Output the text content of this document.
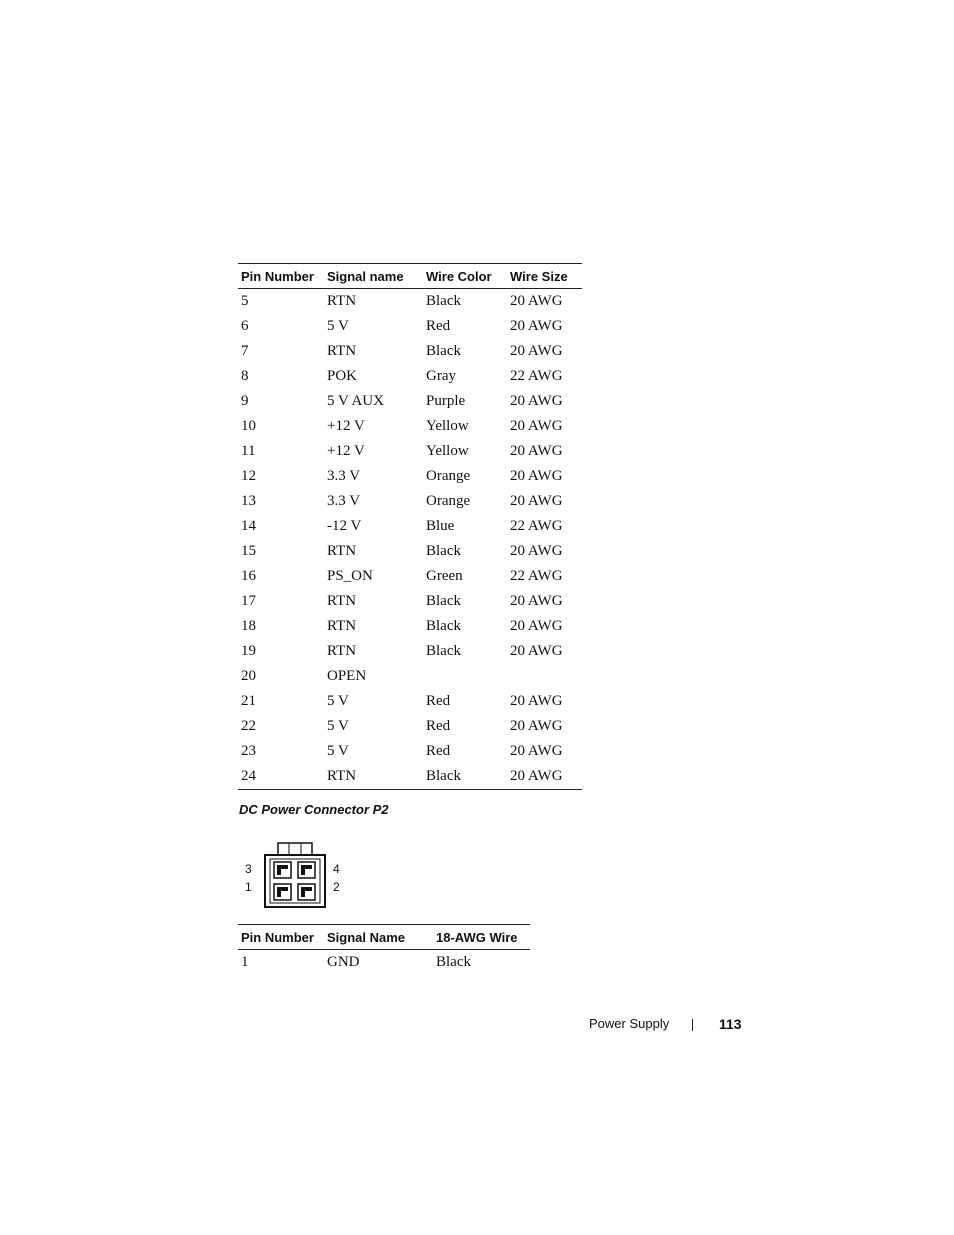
Pin Number	Signal name	Wire Color	Wire Size
5	RTN	Black	20 AWG
6	5 V	Red	20 AWG
7	RTN	Black	20 AWG
8	POK	Gray	22 AWG
9	5 V AUX	Purple	20 AWG
10	+12 V	Yellow	20 AWG
11	+12 V	Yellow	20 AWG
12	3.3 V	Orange	20 AWG
13	3.3 V	Orange	20 AWG
14	-12 V	Blue	22 AWG
15	RTN	Black	20 AWG
16	PS_ON	Green	22 AWG
17	RTN	Black	20 AWG
18	RTN	Black	20 AWG
19	RTN	Black	20 AWG
20	OPEN		
21	5 V	Red	20 AWG
22	5 V	Red	20 AWG
23	5 V	Red	20 AWG
24	RTN	Black	20 AWG
DC Power Connector P2
3
1
4
2
Pin Number	Signal Name	18-AWG Wire
1	GND	Black
Power Supply	113
